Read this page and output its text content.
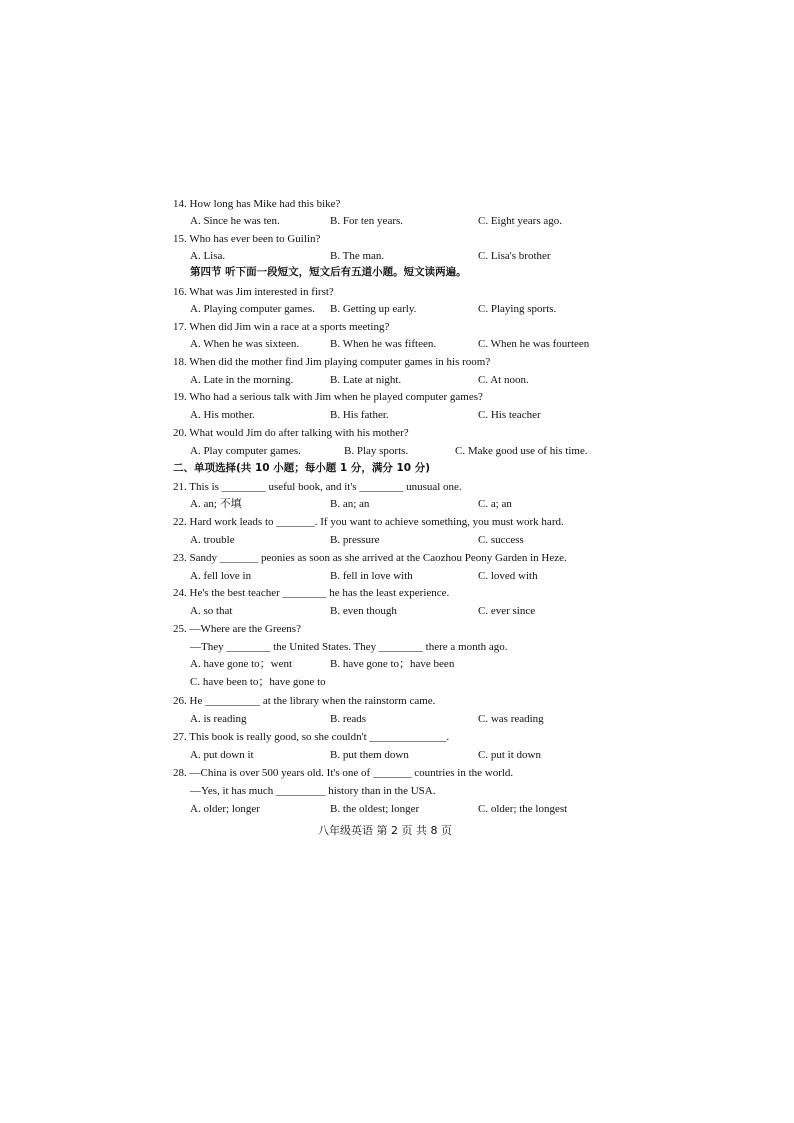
14. How long has Mike had this bike?
A. Since he was ten.	B. For ten years.	C. Eight years ago.
15. Who has ever been to Guilin?
A. Lisa.	B. The man.	C. Lisa's brother
第四节 听下面一段短文，短文后有五道小题。短文读两遍。
16. What was Jim interested in first?
A. Playing computer games. B. Getting up early.	C. Playing sports.
17. When did Jim win a race at a sports meeting?
A. When he was sixteen.	B. When he was fifteen.	C. When he was fourteen
18. When did the mother find Jim playing computer games in his room?
A. Late in the morning.	B. Late at night.	C. At noon.
19. Who had a serious talk with Jim when he played computer games?
A. His mother.	B. His father.	C. His teacher
20. What would Jim do after talking with his mother?
A. Play computer games.	B. Play sports.	C. Make good use of his time.
二、单项选择(共 10 小题；每小题 1 分，满分 10 分)
21. This is ________ useful book, and it's ________ unusual one.
A. an; 不填	B. an; an	C. a; an
22. Hard work leads to _______. If you want to achieve something, you must work hard.
A. trouble	B. pressure	C. success
23. Sandy _______ peonies as soon as she arrived at the Caozhou Peony Garden in Heze.
A. fell love in	B. fell in love with	C. loved with
24. He's the best teacher ________ he has the least experience.
A. so that	B. even though	C. ever since
25. —Where are the Greens?
—They ________ the United States. They ________ there a month ago.
A. have gone to；went	B. have gone to；have been
C. have been to；have gone to
26. He __________ at the library when the rainstorm came.
A. is reading	B. reads	C. was reading
27. This book is really good, so she couldn't ______________.
A. put down it	B. put them down	C. put it down
28. —China is over 500 years old. It's one of _______ countries in the world.
—Yes, it has much _________ history than in the USA.
A. older; longer	B. the oldest; longer	C. older; the longest
八年级英语 第 2 页 共 8 页
